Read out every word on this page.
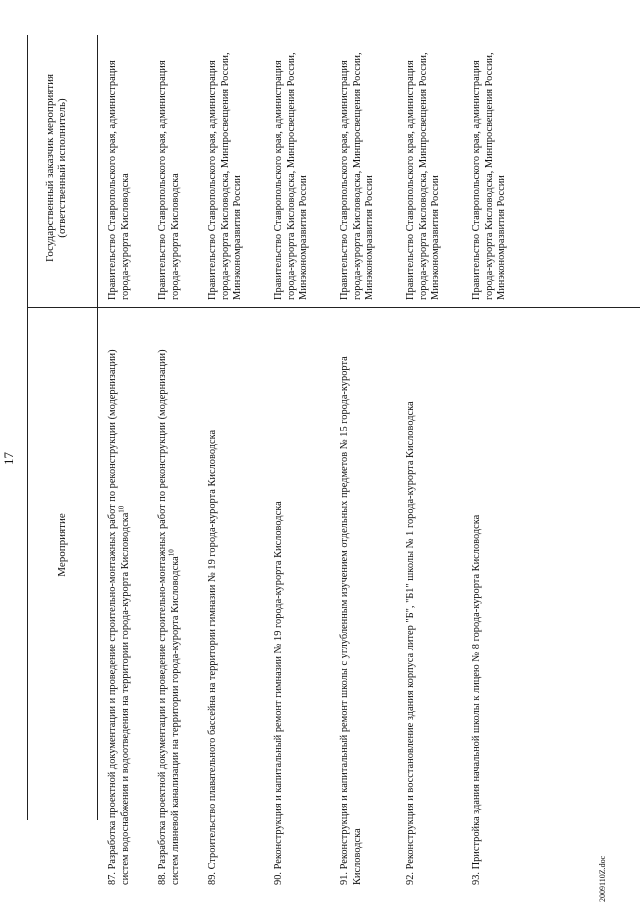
17
Мероприятие
Государственный заказчик мероприятия (ответственный исполнитель)
87. Разработка проектной документации и проведение строительно-монтажных работ по реконструкции (модернизации) систем водоснабжения и водоотведения на территории города-курорта Кисловодска$^{10}$
Правительство Ставропольского края, администрация города-курорта Кисловодска
88. Разработка проектной документации и проведение строительно-монтажных работ по реконструкции (модернизации) систем ливневой канализации на территории города-курорта Кисловодска$^{10}$
Правительство Ставропольского края, администрация города-курорта Кисловодска
89. Строительство плавательного бассейна на территории гимназии № 19 города-курорта Кисловодска
Правительство Ставропольского края, администрация города-курорта Кисловодска, Минпросвещения России, Минэкономразвития России
90. Реконструкция и капитальный ремонт гимназии № 19 города-курорта Кисловодска
Правительство Ставропольского края, администрация города-курорта Кисловодска, Минпросвещения России, Минэкономразвития России
91. Реконструкция и капитальный ремонт школы с углубленным изучением отдельных предметов № 15 города-курорта Кисловодска
Правительство Ставропольского края, администрация города-курорта Кисловодска, Минпросвещения России, Минэкономразвития России
92. Реконструкция и восстановление здания корпуса литер "Б", "Б1" школы № 1 города-курорта Кисловодска
Правительство Ставропольского края, администрация города-курорта Кисловодска, Минпросвещения России, Минэкономразвития России
93. Пристройка здания начальной школы к лицею № 8 города-курорта Кисловодска
Правительство Ставропольского края, администрация города-курорта Кисловодска, Минпросвещения России, Минэкономразвития России
2009110Z.doc
